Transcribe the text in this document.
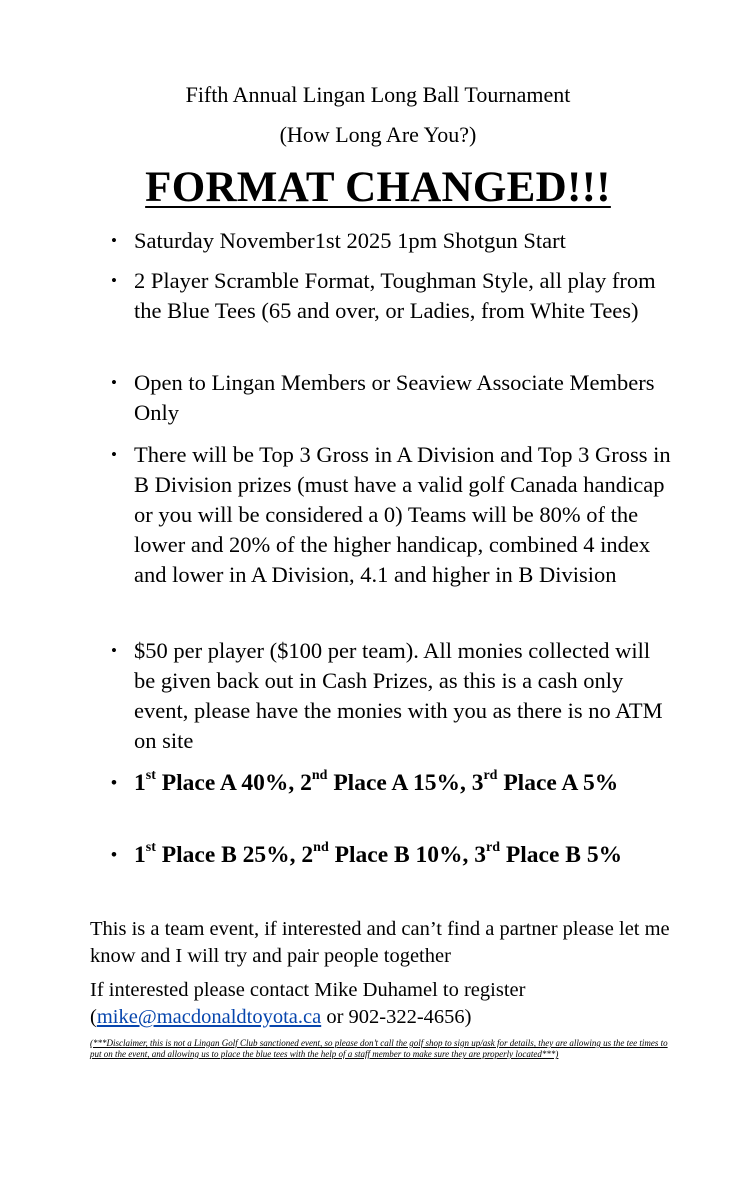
Fifth Annual Lingan Long Ball Tournament
(How Long Are You?)
FORMAT CHANGED!!!
• Saturday November1st 2025 1pm Shotgun Start
• 2 Player Scramble Format, Toughman Style, all play from the Blue Tees (65 and over, or Ladies, from White Tees)
• Open to Lingan Members or Seaview Associate Members Only
• There will be Top 3 Gross in A Division and Top 3 Gross in B Division prizes (must have a valid golf Canada handicap or you will be considered a 0) Teams will be 80% of the lower and 20% of the higher handicap, combined 4 index and lower in A Division, 4.1 and higher in B Division
• $50 per player ($100 per team). All monies collected will be given back out in Cash Prizes, as this is a cash only event, please have the monies with you as there is no ATM on site
• 1st Place A 40%, 2nd Place A 15%, 3rd Place A 5%
• 1st Place B 25%, 2nd Place B 10%, 3rd Place B 5%

This is a team event, if interested and can’t find a partner please let me know and I will try and pair people together

If interested please contact Mike Duhamel to register
(mike@macdonaldtoyota.ca or 902-322-4656)

(***Disclaimer, this is not a Lingan Golf Club sanctioned event, so please don’t call the golf shop to sign up/ask for details, they are allowing us the tee times to put on the event, and allowing us to place the blue tees with the help of a staff member to make sure they are properly located***)
